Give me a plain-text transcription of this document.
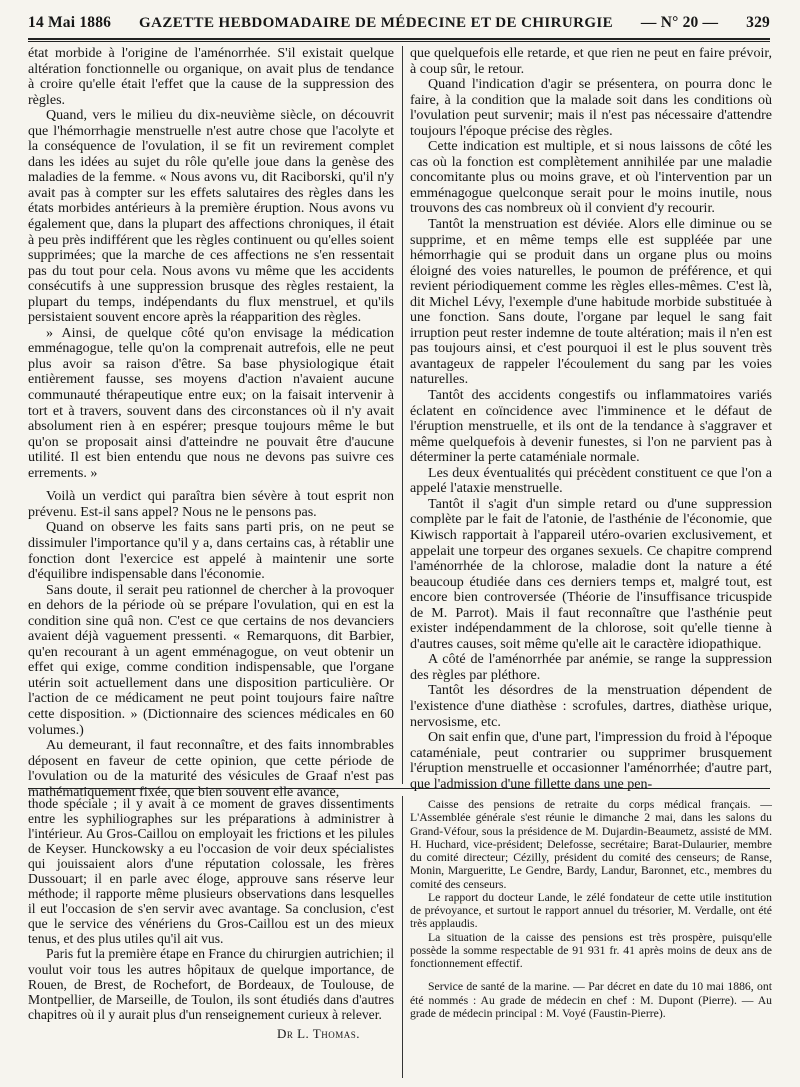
14 Mai 1886 GAZETTE HEBDOMADAIRE DE MÉDECINE ET DE CHIRURGIE — N° 20 — 329

état morbide à l'origine de l'aménorrhée. S'il existait quelque altération fonctionnelle ou organique, on avait plus de tendance à croire qu'elle était l'effet que la cause de la suppression des règles.

Quand, vers le milieu du dix-neuvième siècle, on découvrit que l'hémorrhagie menstruelle n'est autre chose que l'acolyte et la conséquence de l'ovulation, il se fit un revirement complet dans les idées au sujet du rôle qu'elle joue dans la genèse des maladies de la femme. « Nous avons vu, dit Raciborski, qu'il n'y avait pas à compter sur les effets salutaires des règles dans les états morbides antérieurs à la première éruption. Nous avons vu également que, dans la plupart des affections chroniques, il était à peu près indifférent que les règles continuent ou qu'elles soient supprimées; que la marche de ces affections ne s'en ressentait pas du tout pour cela. Nous avons vu même que les accidents consécutifs à une suppression brusque des règles restaient, la plupart du temps, indépendants du flux menstruel, et qu'ils persistaient souvent encore après la réapparition des règles.

» Ainsi, de quelque côté qu'on envisage la médication emménagogue, telle qu'on la comprenait autrefois, elle ne peut plus avoir sa raison d'être. Sa base physiologique était entièrement fausse, ses moyens d'action n'avaient aucune communauté thérapeutique entre eux; on la faisait intervenir à tort et à travers, souvent dans des circonstances où il n'y avait absolument rien à en espérer; presque toujours même le but qu'on se proposait ainsi d'atteindre ne pouvait être d'aucune utilité. Il est bien entendu que nous ne devons pas suivre ces errements. »

Voilà un verdict qui paraîtra bien sévère à tout esprit non prévenu. Est-il sans appel? Nous ne le pensons pas.

Quand on observe les faits sans parti pris, on ne peut se dissimuler l'importance qu'il y a, dans certains cas, à rétablir une fonction dont l'exercice est appelé à maintenir une sorte d'équilibre indispensable dans l'économie.

Sans doute, il serait peu rationnel de chercher à la provoquer en dehors de la période où se prépare l'ovulation, qui en est la condition sine quâ non. C'est ce que certains de nos devanciers avaient déjà vaguement pressenti. « Remarquons, dit Barbier, qu'en recourant à un agent emménagogue, on veut obtenir un effet qui exige, comme condition indispensable, que l'organe utérin soit actuellement dans une disposition particulière. Or l'action de ce médicament ne peut point toujours faire naître cette disposition. » (Dictionnaire des sciences médicales en 60 volumes.)

Au demeurant, il faut reconnaître, et des faits innombrables déposent en faveur de cette opinion, que cette période de l'ovulation ou de la maturité des vésicules de Graaf n'est pas mathématiquement fixée, que bien souvent elle avance,

que quelquefois elle retarde, et que rien ne peut en faire prévoir, à coup sûr, le retour.

Quand l'indication d'agir se présentera, on pourra donc le faire, à la condition que la malade soit dans les conditions où l'ovulation peut survenir; mais il n'est pas nécessaire d'attendre toujours l'époque précise des règles.

Cette indication est multiple, et si nous laissons de côté les cas où la fonction est complètement annihilée par une maladie concomitante plus ou moins grave, et où l'intervention par un emménagogue quelconque serait pour le moins inutile, nous trouvons des cas nombreux où il convient d'y recourir.

Tantôt la menstruation est déviée. Alors elle diminue ou se supprime, et en même temps elle est suppléée par une hémorrhagie qui se produit dans un organe plus ou moins éloigné des voies naturelles, le poumon de préférence, et qui revient périodiquement comme les règles elles-mêmes. C'est là, dit Michel Lévy, l'exemple d'une habitude morbide substituée à une fonction. Sans doute, l'organe par lequel le sang fait irruption peut rester indemne de toute altération; mais il n'en est pas toujours ainsi, et c'est pourquoi il est le plus souvent très avantageux de rappeler l'écoulement du sang par les voies naturelles.

Tantôt des accidents congestifs ou inflammatoires variés éclatent en coïncidence avec l'imminence et le défaut de l'éruption menstruelle, et ils ont de la tendance à s'aggraver et même quelquefois à devenir funestes, si l'on ne parvient pas à déterminer la perte cataméniale normale.

Les deux éventualités qui précèdent constituent ce que l'on a appelé l'ataxie menstruelle.

Tantôt il s'agit d'un simple retard ou d'une suppression complète par le fait de l'atonie, de l'asthénie de l'économie, que Kiwisch rapportait à l'appareil utéro-ovarien exclusivement, et appelait une torpeur des organes sexuels. Ce chapitre comprend l'aménorrhée de la chlorose, maladie dont la nature a été beaucoup étudiée dans ces derniers temps et, malgré tout, est encore bien controversée (Théorie de l'insuffisance tricuspide de M. Parrot). Mais il faut reconnaître que l'asthénie peut exister indépendamment de la chlorose, soit qu'elle tienne à d'autres causes, soit même qu'elle ait le caractère idiopathique.

A côté de l'aménorrhée par anémie, se range la suppression des règles par pléthore.

Tantôt les désordres de la menstruation dépendent de l'existence d'une diathèse : scrofules, dartres, diathèse urique, nervosisme, etc.

On sait enfin que, d'une part, l'impression du froid à l'époque cataméniale, peut contrarier ou supprimer brusquement l'éruption menstruelle et occasionner l'aménorrhée; d'autre part, que l'admission d'une fillette dans une pen-

thode spéciale ; il y avait à ce moment de graves dissentiments entre les syphiliographes sur les préparations à administrer à l'intérieur. Au Gros-Caillou on employait les frictions et les pilules de Keyser. Hunckowsky a eu l'occasion de voir deux spécialistes qui jouissaient alors d'une réputation colossale, les frères Dussouart; il en parle avec éloge, approuve sans réserve leur méthode; il rapporte même plusieurs observations dans lesquelles il eut l'occasion de s'en servir avec avantage. Sa conclusion, c'est que le service des vénériens du Gros-Caillou est un des mieux tenus, et des plus utiles qu'il ait vus.

Paris fut la première étape en France du chirurgien autrichien; il voulut voir tous les autres hôpitaux de quelque importance, de Rouen, de Brest, de Rochefort, de Bordeaux, de Toulouse, de Montpellier, de Marseille, de Toulon, ils sont étudiés dans d'autres chapitres où il y aurait plus d'un renseignement curieux à relever.

Dr L. Thomas.

Caisse des pensions de retraite du corps médical français. — L'Assemblée générale s'est réunie le dimanche 2 mai, dans les salons du Grand-Véfour, sous la présidence de M. Dujardin-Beaumetz, assisté de MM. H. Huchard, vice-président; Delefosse, secrétaire; Barat-Dulaurier, membre du comité directeur; Cézilly, président du comité des censeurs; de Ranse, Monin, Margueritte, Le Gendre, Bardy, Landur, Baronnet, etc., membres du comité des censeurs.

Le rapport du docteur Lande, le zélé fondateur de cette utile institution de prévoyance, et surtout le rapport annuel du trésorier, M. Verdalle, ont été très applaudis.

La situation de la caisse des pensions est très prospère, puisqu'elle possède la somme respectable de 91 931 fr. 41 après moins de deux ans de fonctionnement effectif.

Service de santé de la marine. — Par décret en date du 10 mai 1886, ont été nommés : Au grade de médecin en chef : M. Dupont (Pierre). — Au grade de médecin principal : M. Voyé (Faustin-Pierre).
